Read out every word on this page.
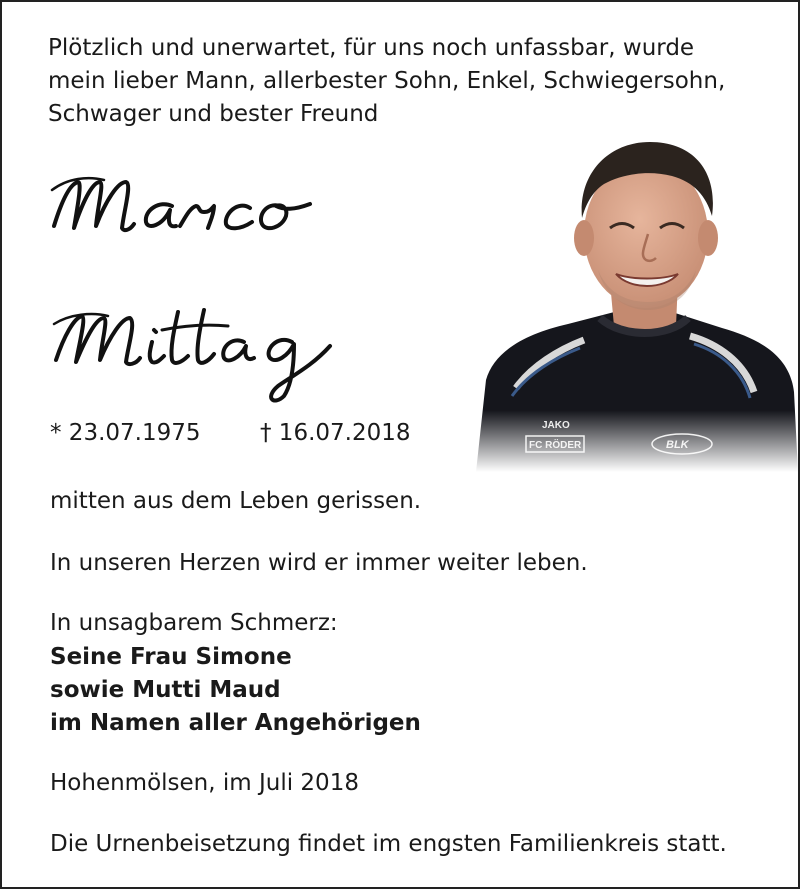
Plötzlich und unerwartet, für uns noch unfassbar, wurde
mein lieber Mann, allerbester Sohn, Enkel, Schwiegersohn,
Schwager und bester Freund
* 23.07.1975	† 16.07.2018
mitten aus dem Leben gerissen.
In unseren Herzen wird er immer weiter leben.
In unsagbarem Schmerz:
Seine Frau Simone
sowie Mutti Maud
im Namen aller Angehörigen
Hohenmölsen, im Juli 2018
Die Urnenbeisetzung findet im engsten Familienkreis statt.
